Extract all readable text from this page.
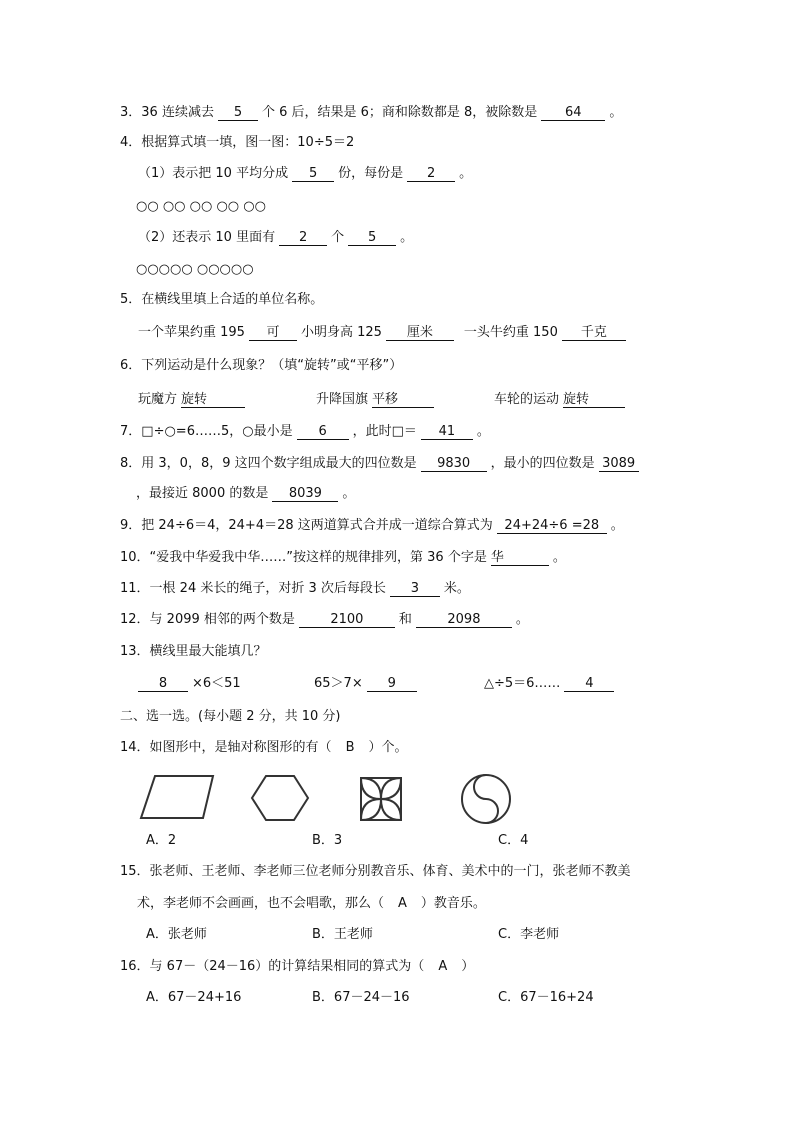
3．36 连续减去 5 个 6 后，结果是 6；商和除数都是 8，被除数是 64 。
4．根据算式填一填，图一图：10÷5＝2
（1）表示把 10 平均分成 5 份，每份是 2 。
○○ ○○ ○○ ○○ ○○
（2）还表示 10 里面有 2 个 5 。
○○○○○ ○○○○○
5．在横线里填上合适的单位名称。
一个苹果约重 195 可 小明身高 125 厘米 一头牛约重 150 千克
6．下列运动是什么现象？（填“旋转”或“平移”）
玩魔方 旋转	升降国旗 平移	车轮的运动 旋转
7．□÷○=6……5，○最小是 6 ，此时□＝ 41 。
8．用 3，0，8，9 这四个数字组成最大的四位数是 9830 ，最小的四位数是 3089
，最接近 8000 的数是 8039 。
9．把 24÷6＝4，24+4＝28 这两道算式合并成一道综合算式为 24+24÷6 =28 。
10．“爱我中华爱我中华……”按这样的规律排列，第 36 个字是 华	。
11．一根 24 米长的绳子，对折 3 次后每段长 3 米。
12．与 2099 相邻的两个数是	2100	和	2098	。
13．横线里最大能填几？
8 ×6＜51	65＞7× 9	△÷5＝6…… 4
二、选一选。(每小题 2 分，共 10 分)
14．如图形中，是轴对称图形的有（ B ）个。
A．2	B．3	C．4
15．张老师、王老师、李老师三位老师分别教音乐、体育、美术中的一门，张老师不教美
术，李老师不会画画，也不会唱歌，那么（ A ）教音乐。
A．张老师	B．王老师	C．李老师
16．与 67－（24－16）的计算结果相同的算式为（ A ）
A．67－24+16	B．67－24－16	C．67－16+24
